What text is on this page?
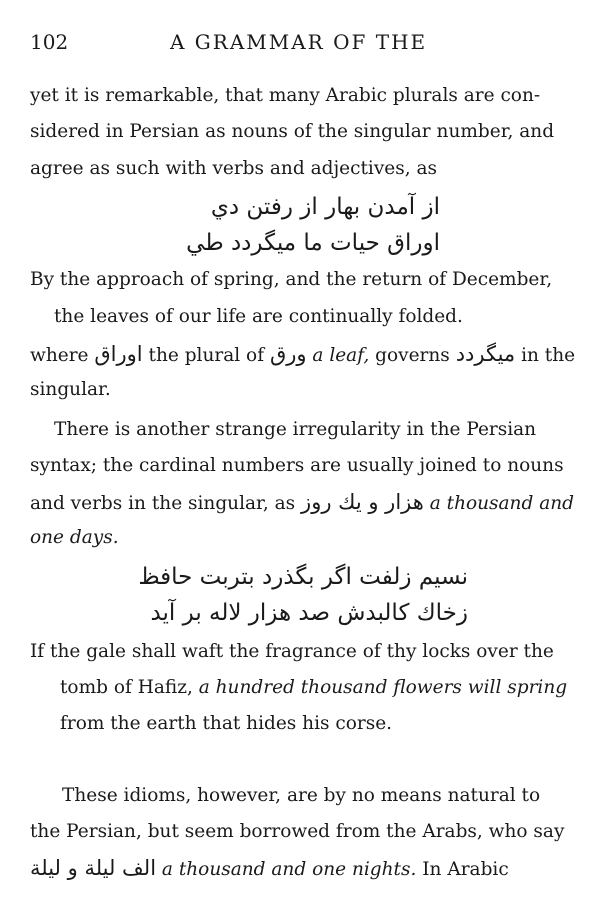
102	A GRAMMAR OF THE
yet it is remarkable, that many Arabic plurals are con-
sidered in Persian as nouns of the singular number, and
agree as such with verbs and adjectives, as
از آمدن بهار از رفتن دي
اوراق حيات ما ميگردد طي
By the approach of spring, and the return of December,
the leaves of our life are continually folded.
where اوراق the plural of ورق a leaf, governs ميگردد in the
singular.
There is another strange irregularity in the Persian
syntax; the cardinal numbers are usually joined to nouns
and verbs in the singular, as هزار و يك روز a thousand and
one days.
نسيم زلفت اگر بگذرد بتربت حافظ
زخاك كالبدش صد هزار لاله بر آيد
If the gale shall waft the fragrance of thy locks over the
tomb of Hafiz, a hundred thousand flowers will spring
from the earth that hides his corse.
These idioms, however, are by no means natural to
the Persian, but seem borrowed from the Arabs, who say
الف ليلة و ليلة a thousand and one nights. In Arabic
